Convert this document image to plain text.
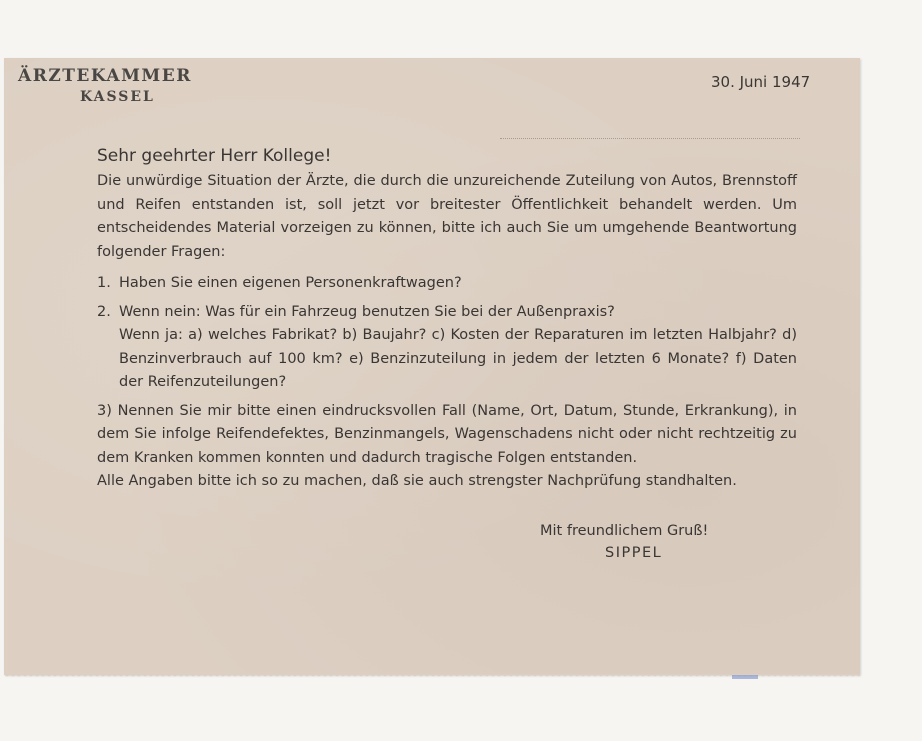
ÄRZTEKAMMER
KASSEL
30. Juni 1947
Sehr geehrter Herr Kollege!
Die unwürdige Situation der Ärzte, die durch die unzureichende Zuteilung von Autos, Brennstoff und Reifen entstanden ist, soll jetzt vor breitester Öffentlichkeit behandelt werden. Um entscheidendes Material vorzeigen zu können, bitte ich auch Sie um umgehende Beantwortung folgender Fragen:
1. Haben Sie einen eigenen Personenkraftwagen?
2. Wenn nein: Was für ein Fahrzeug benutzen Sie bei der Außenpraxis?
Wenn ja: a) welches Fabrikat? b) Baujahr? c) Kosten der Reparaturen im letzten Halbjahr? d) Benzinverbrauch auf 100 km? e) Benzinzuteilung in jedem der letzten 6 Monate? f) Daten der Reifenzuteilungen?
3) Nennen Sie mir bitte einen eindrucksvollen Fall (Name, Ort, Datum, Stunde, Erkrankung), in dem Sie infolge Reifendefektes, Benzinmangels, Wagenschadens nicht oder nicht rechtzeitig zu dem Kranken kommen konnten und dadurch tragische Folgen entstanden.
Alle Angaben bitte ich so zu machen, daß sie auch strengster Nachprüfung standhalten.
Mit freundlichem Gruß!
SIPPEL
